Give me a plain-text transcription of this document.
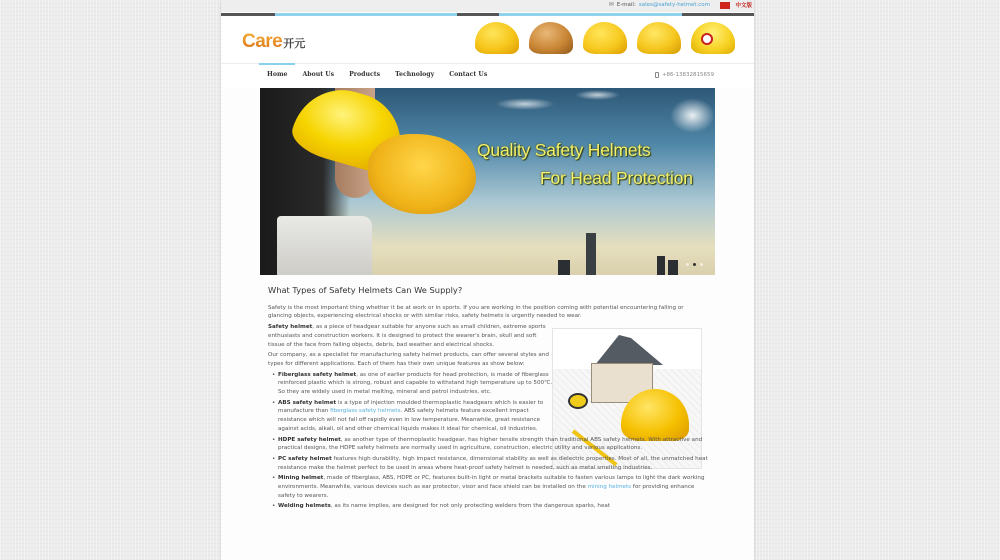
✉ E-mail: sales@safety-helmet.com	中文版
Care 开元
Home About Us Products Technology Contact Us	+86-13832815659
Quality Safety Helmets
For Head Protection
What Types of Safety Helmets Can We Supply?

Safety is the most important thing whether it be at work or in sports. If you are working in the position coming with potential encountering falling or glancing objects, experiencing electrical shocks or with similar risks, safety helmets is urgently needed to wear.

Safety helmet, as a piece of headgear suitable for anyone such as small children, extreme sports enthusiasts and construction workers. It is designed to protect the wearer's brain, skull and soft tissue of the face from falling objects, debris, bad weather and electrical shocks.

Our company, as a specialist for manufacturing safety helmet products, can offer several styles and types for different applications. Each of them has their own unique features as show below:

• Fiberglass safety helmet, as one of earlier products for head protection, is made of fiberglass reinforced plastic which is strong, robust and capable to withstand high temperature up to 500℃. So they are widely used in metal melting, mineral and petrol industries, etc.
• ABS safety helmet is a type of injection moulded thermoplastic headgears which is easier to manufacture than fiberglass safety helmets. ABS safety helmets feature excellent impact resistance which will not fall off rapidly even in low temperature. Meanwhile, great resistance against acids, alkali, oil and other chemical liquids makes it ideal for chemical, oil industries.
• HDPE safety helmet, as another type of thermoplastic headgear, has higher tensile strength than traditional ABS safety helmets. With attractive and practical designs, the HDPE safety helmets are normally used in agriculture, construction, electric utility and various applications.
• PC safety helmet features high durability, high impact resistance, dimensional stability as well as dielectric properties. Most of all, the unmatched heat resistance make the helmet perfect to be used in areas where heat-proof safety helmet is needed, such as metal smelting industries.
• Mining helmet, made of fiberglass, ABS, HDPE or PC, features built-in light or metal brackets suitable to fasten various lamps to light the dark working environments. Meanwhile, various devices such as ear protector, visor and face shield can be installed on the mining helmets for providing enhance safety to wearers.
• Welding helmets, as its name implies, are designed for not only protecting welders from the dangerous sparks, heat
